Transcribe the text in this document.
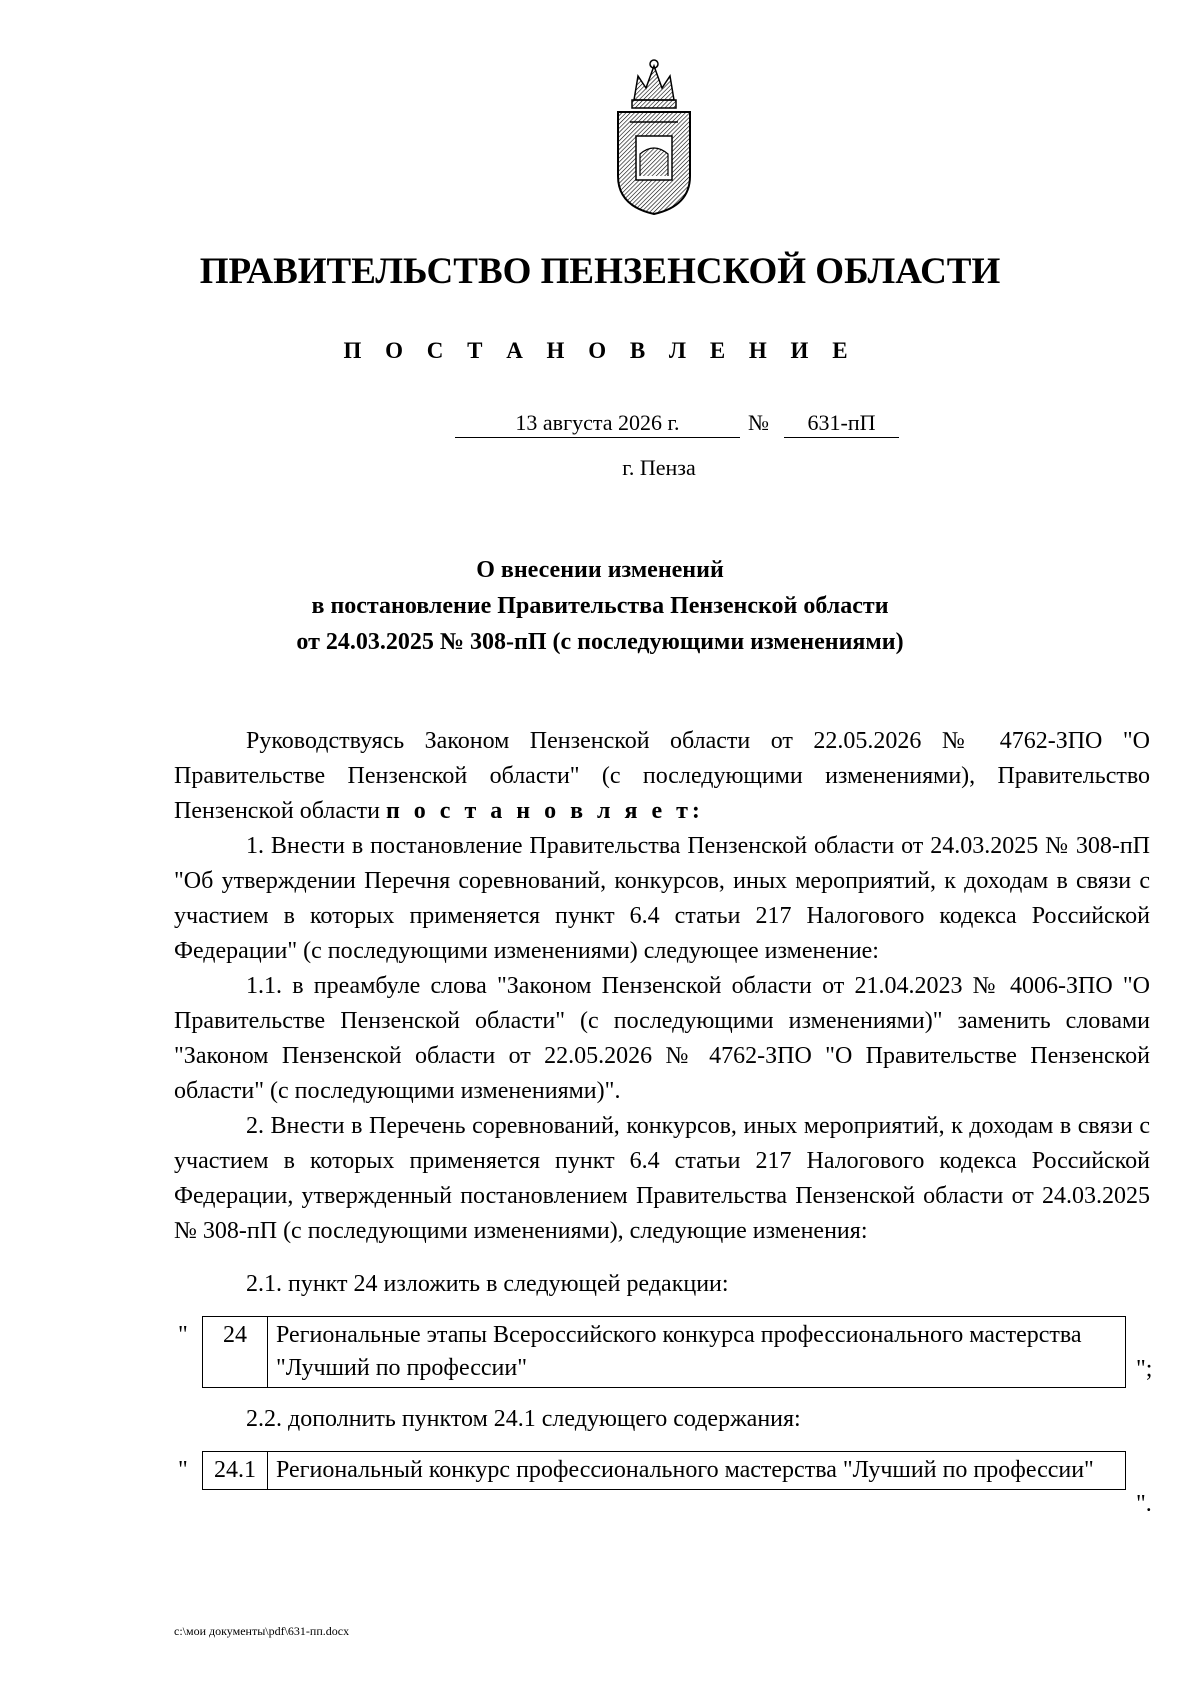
ПРАВИТЕЛЬСТВО ПЕНЗЕНСКОЙ ОБЛАСТИ
П О С Т А Н О В Л Е Н И Е
13 августа 2026 г.	№	631-пП
г. Пенза
О внесении изменений
в постановление Правительства Пензенской области
от 24.03.2025 № 308-пП (с последующими изменениями)

Руководствуясь Законом Пензенской области от 22.05.2026 № 4762-ЗПО "О Правительстве Пензенской области" (с последующими изменениями), Правительство Пензенской области п о с т а н о в л я е т:

1. Внести в постановление Правительства Пензенской области от 24.03.2025 № 308-пП "Об утверждении Перечня соревнований, конкурсов, иных мероприятий, к доходам в связи с участием в которых применяется пункт 6.4 статьи 217 Налогового кодекса Российской Федерации" (с последующими изменениями) следующее изменение:

1.1. в преамбуле слова "Законом Пензенской области от 21.04.2023 № 4006-ЗПО "О Правительстве Пензенской области" (с последующими изменениями)" заменить словами "Законом Пензенской области от 22.05.2026 № 4762-ЗПО "О Правительстве Пензенской области" (с последующими изменениями)".

2. Внести в Перечень соревнований, конкурсов, иных мероприятий, к доходам в связи с участием в которых применяется пункт 6.4 статьи 217 Налогового кодекса Российской Федерации, утвержденный постановлением Правительства Пензенской области от 24.03.2025 № 308-пП (с последующими изменениями), следующие изменения:

2.1. пункт 24 изложить в следующей редакции:

" 24	Региональные этапы Всероссийского конкурса профессионального мастерства "Лучший по профессии"	";

2.2. дополнить пунктом 24.1 следующего содержания:

" 24.1	Региональный конкурс профессионального мастерства "Лучший по профессии"
".
c:\мои документы\pdf\631-пп.docx
